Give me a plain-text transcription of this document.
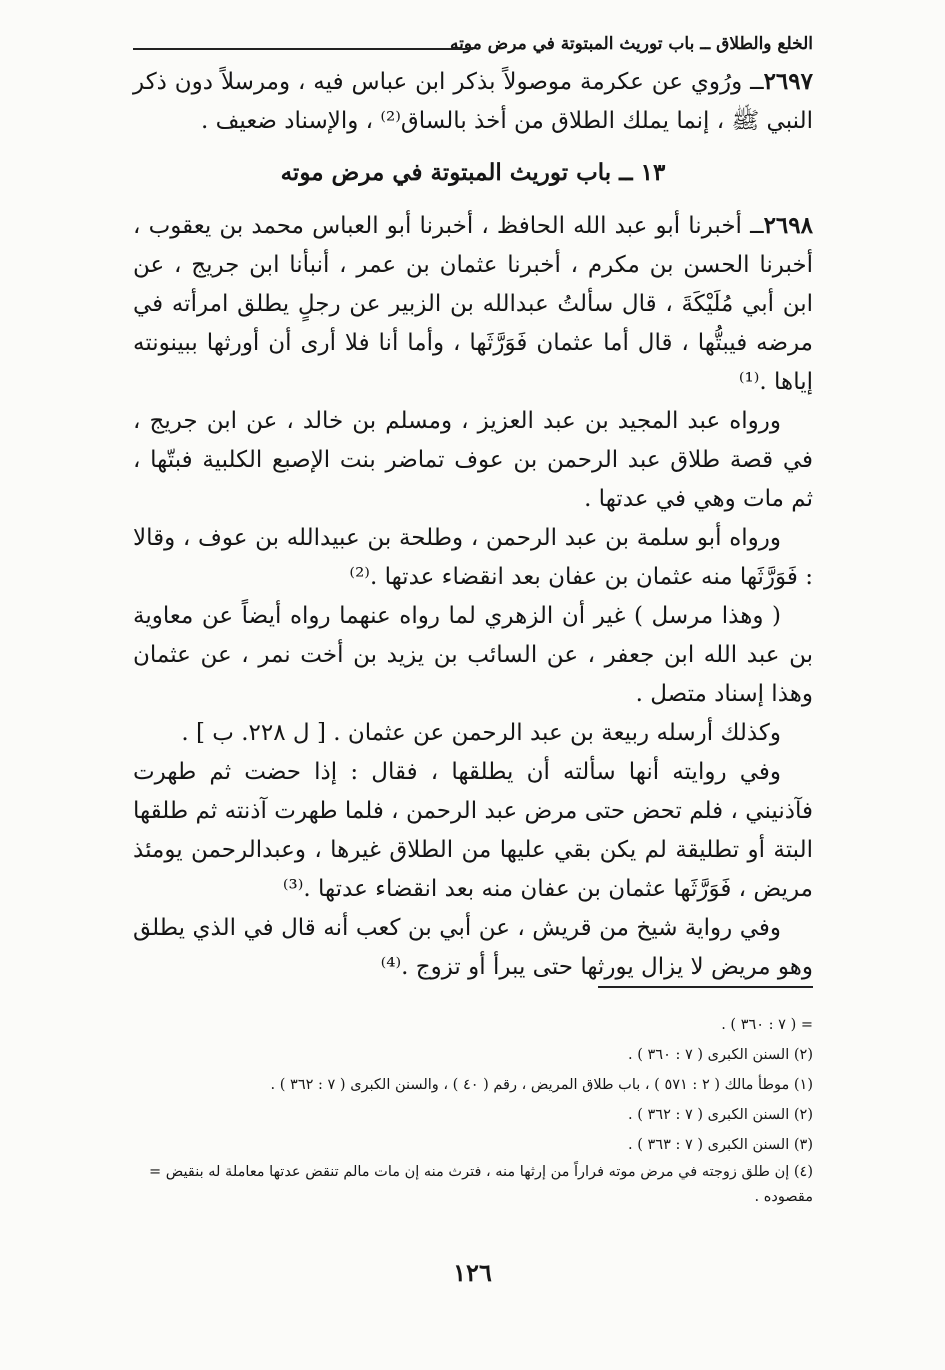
الخلع والطلاق ــ باب توريث المبتوتة في مرض موته

٢٦٩٧ــ ورُوي عن عكرمة موصولاً بذكر ابن عباس فيه ، ومرسلاً دون ذكر النبي ﷺ ، إنما يملك الطلاق من أخذ بالساق⁽²⁾ ، والإسناد ضعيف .

١٣ ــ باب توريث المبتوتة في مرض موته

٢٦٩٨ــ أخبرنا أبو عبد الله الحافظ ، أخبرنا أبو العباس محمد بن يعقوب ، أخبرنا الحسن بن مكرم ، أخبرنا عثمان بن عمر ، أنبأنا ابن جريج ، عن ابن أبي مُلَيْكَةَ ، قال سألتُ عبدالله بن الزبير عن رجلٍ يطلق امرأته في مرضه فيبتُّها ، قال أما عثمان فَوَرَّثَها ، وأما أنا فلا أرى أن أورثها ببينونته إياها .⁽¹⁾

ورواه عبد المجيد بن عبد العزيز ، ومسلم بن خالد ، عن ابن جريج ، في قصة طلاق عبد الرحمن بن عوف تماضر بنت الإصبع الكلبية فبتّها ، ثم مات وهي في عدتها .

ورواه أبو سلمة بن عبد الرحمن ، وطلحة بن عبيدالله بن عوف ، وقالا : فَوَرَّثَها منه عثمان بن عفان بعد انقضاء عدتها .⁽²⁾

( وهذا مرسل ) غير أن الزهري لما رواه عنهما رواه أيضاً عن معاوية بن عبد الله ابن جعفر ، عن السائب بن يزيد بن أخت نمر ، عن عثمان وهذا إسناد متصل .

وكذلك أرسله ربيعة بن عبد الرحمن عن عثمان . [ ل ٢٢٨. ب ] .

وفي روايته أنها سألته أن يطلقها ، فقال : إذا حضت ثم طهرت فآذنيني ، فلم تحض حتى مرض عبد الرحمن ، فلما طهرت آذنته ثم طلقها البتة أو تطليقة لم يكن بقي عليها من الطلاق غيرها ، وعبدالرحمن يومئذ مريض ، فَوَرَّثَها عثمان بن عفان منه بعد انقضاء عدتها .⁽³⁾

وفي رواية شيخ من قريش ، عن أبي بن كعب أنه قال في الذي يطلق وهو مريض لا يزال يورثها حتى يبرأ أو تزوج .⁽⁴⁾

= ( ٧ : ٣٦٠ ) .
(٢) السنن الكبرى ( ٧ : ٣٦٠ ) .
(١) موطأ مالك ( ٢ : ٥٧١ ) ، باب طلاق المريض ، رقم ( ٤٠ ) ، والسنن الكبرى ( ٧ : ٣٦٢ ) .
(٢) السنن الكبرى ( ٧ : ٣٦٢ ) .
(٣) السنن الكبرى ( ٧ : ٣٦٣ ) .
(٤) إن طلق زوجته في مرض موته فراراً من إرثها منه ، فترث منه إن مات مالم تنقض عدتها معاملة له بنقيض = مقصوده .
١٢٦
